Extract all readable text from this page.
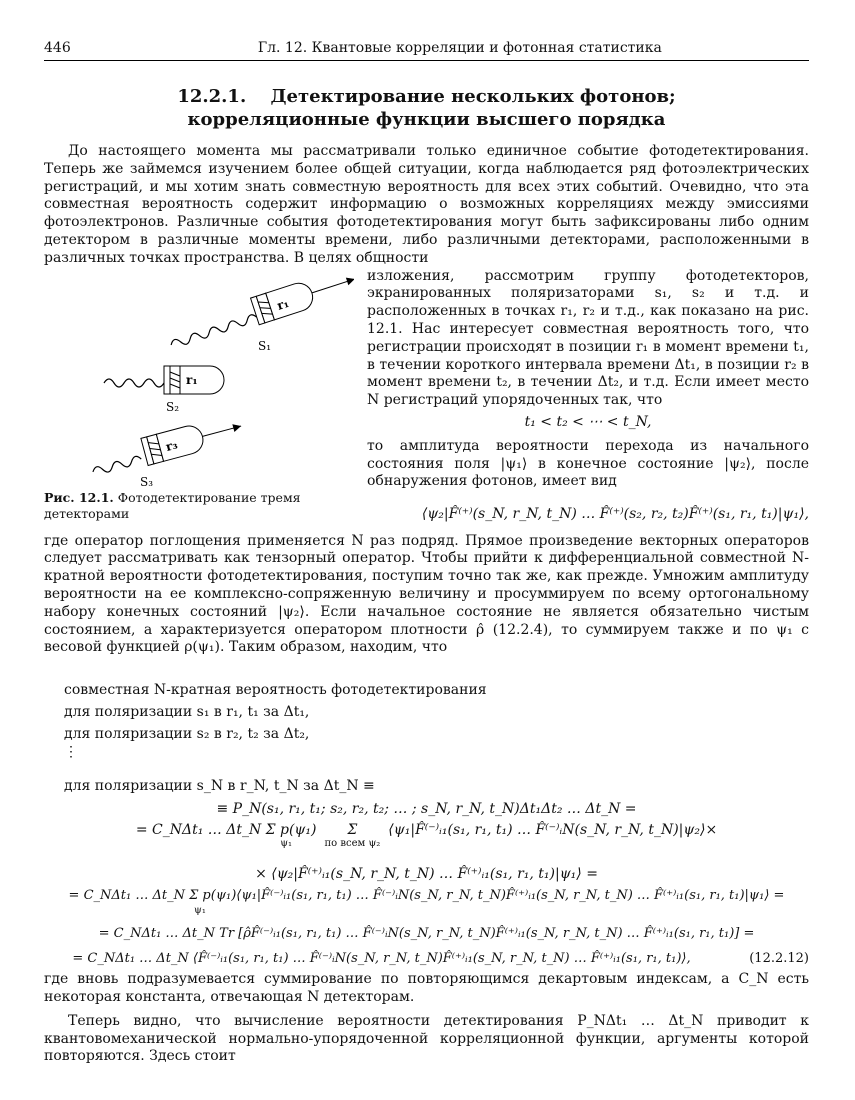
446	Гл. 12. Квантовые корреляции и фотонная статистика
12.2.1. Детектирование нескольких фотонов;
корреляционные функции высшего порядка

До настоящего момента мы рассматривали только единичное событие фотодетектирования. Теперь же займемся изучением более общей ситуации, когда наблюдается ряд фотоэлектрических регистраций, и мы хотим знать совместную вероятность для всех этих событий. Очевидно, что эта совместная вероятность содержит информацию о возможных корреляциях между эмиссиями фотоэлектронов. Различные события фотодетектирования могут быть зафиксированы либо одним детектором в различные моменты времени, либо различными детекторами, расположенными в различных точках пространства. В целях общности

r₁
S₁
r₁
S₂
r₃
S₃
Рис. 12.1. Фотодетектирование тремя детекторами
изложения, рассмотрим группу фотодетекторов, экранированных поляризаторами s₁, s₂ и т.д. и расположенных в точках r₁, r₂ и т.д., как показано на рис. 12.1. Нас интересует совместная вероятность того, что регистрации происходят в позиции r₁ в момент времени t₁, в течении короткого интервала времени Δt₁, в позиции r₂ в момент времени t₂, в течении Δt₂, и т.д. Если имеет место N регистраций упорядоченных так, что
t₁ < t₂ < ⋯ < t_N,
то амплитуда вероятности перехода из начального состояния поля |ψ₁⟩ в конечное состояние |ψ₂⟩, после обнаружения фотонов, имеет вид
⟨ψ₂|F̂⁽⁺⁾(s_N, r_N, t_N) … F̂⁽⁺⁾(s₂, r₂, t₂)F̂⁽⁺⁾(s₁, r₁, t₁)|ψ₁⟩,

где оператор поглощения применяется N раз подряд. Прямое произведение векторных операторов следует рассматривать как тензорный оператор. Чтобы прийти к дифференциальной совместной N-кратной вероятности фотодетектирования, поступим точно так же, как прежде. Умножим амплитуду вероятности на ее комплексно-сопряженную величину и просуммируем по всему ортогональному набору конечных состояний |ψ₂⟩. Если начальное состояние не является обязательно чистым состоянием, а характеризуется оператором плотности ρ̂ (12.2.4), то суммируем также и по ψ₁ с весовой функцией ρ(ψ₁). Таким образом, находим, что

совместная N-кратная вероятность фотодетектирования
для поляризации s₁ в r₁, t₁ за Δt₁,
для поляризации s₂ в r₂, t₂ за Δt₂,
⋮
для поляризации s_N в r_N, t_N за Δt_N ≡
≡ P_N(s₁, r₁, t₁; s₂, r₂, t₂; … ; s_N, r_N, t_N)Δt₁Δt₂ … Δt_N =
= C_NΔt₁ … Δt_N Σ p(ψ₁)
ψ₁
Σ
по всем ψ₂
⟨ψ₁|F̂⁽⁻⁾ᵢ₁(s₁, r₁, t₁) … F̂⁽⁻⁾ᵢN(s_N, r_N, t_N)|ψ₂⟩×
× ⟨ψ₂|F̂⁽⁺⁾ᵢ₁(s_N, r_N, t_N) … F̂⁽⁺⁾ᵢ₁(s₁, r₁, t₁)|ψ₁⟩ =
= C_NΔt₁ … Δt_N Σ p(ψ₁)⟨ψ₁|F̂⁽⁻⁾ᵢ₁(s₁, r₁, t₁) … F̂⁽⁻⁾ᵢN(s_N, r_N, t_N)F̂⁽⁺⁾ᵢ₁(s_N, r_N, t_N) … F̂⁽⁺⁾ᵢ₁(s₁, r₁, t₁)|ψ₁⟩ =
ψ₁
= C_NΔt₁ … Δt_N Tr [ρ̂F̂⁽⁻⁾ᵢ₁(s₁, r₁, t₁) … F̂⁽⁻⁾ᵢN(s_N, r_N, t_N)F̂⁽⁺⁾ᵢ₁(s_N, r_N, t_N) … F̂⁽⁺⁾ᵢ₁(s₁, r₁, t₁)] =
= C_NΔt₁ … Δt_N ⟨F̂⁽⁻⁾ᵢ₁(s₁, r₁, t₁) … F̂⁽⁻⁾ᵢN(s_N, r_N, t_N)F̂⁽⁺⁾ᵢ₁(s_N, r_N, t_N) … F̂⁽⁺⁾ᵢ₁(s₁, r₁, t₁)⟩,	(12.2.12)

где вновь подразумевается суммирование по повторяющимся декартовым индексам, а C_N есть некоторая константа, отвечающая N детекторам.

Теперь видно, что вычисление вероятности детектирования P_NΔt₁ … Δt_N приводит к квантовомеханической нормально-упорядоченной корреляционной функции, аргументы которой повторяются. Здесь стоит
